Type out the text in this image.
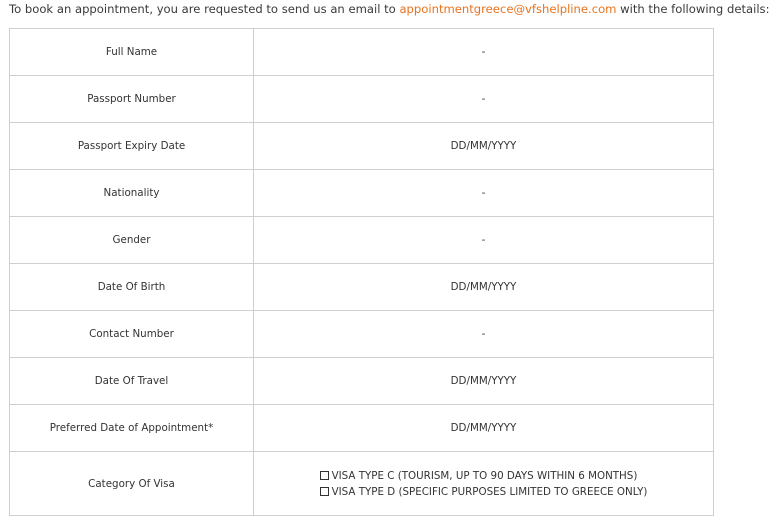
To book an appointment, you are requested to send us an email to appointmentgreece@vfshelpline.com with the following details:
Full Name	-
Passport Number	-
Passport Expiry Date	DD/MM/YYYY
Nationality	-
Gender	-
Date Of Birth	DD/MM/YYYY
Contact Number	-
Date Of Travel	DD/MM/YYYY
Preferred Date of Appointment*	DD/MM/YYYY
Category Of Visa	VISA TYPE C (TOURISM, UP TO 90 DAYS WITHIN 6 MONTHS)
VISA TYPE D (SPECIFIC PURPOSES LIMITED TO GREECE ONLY)
